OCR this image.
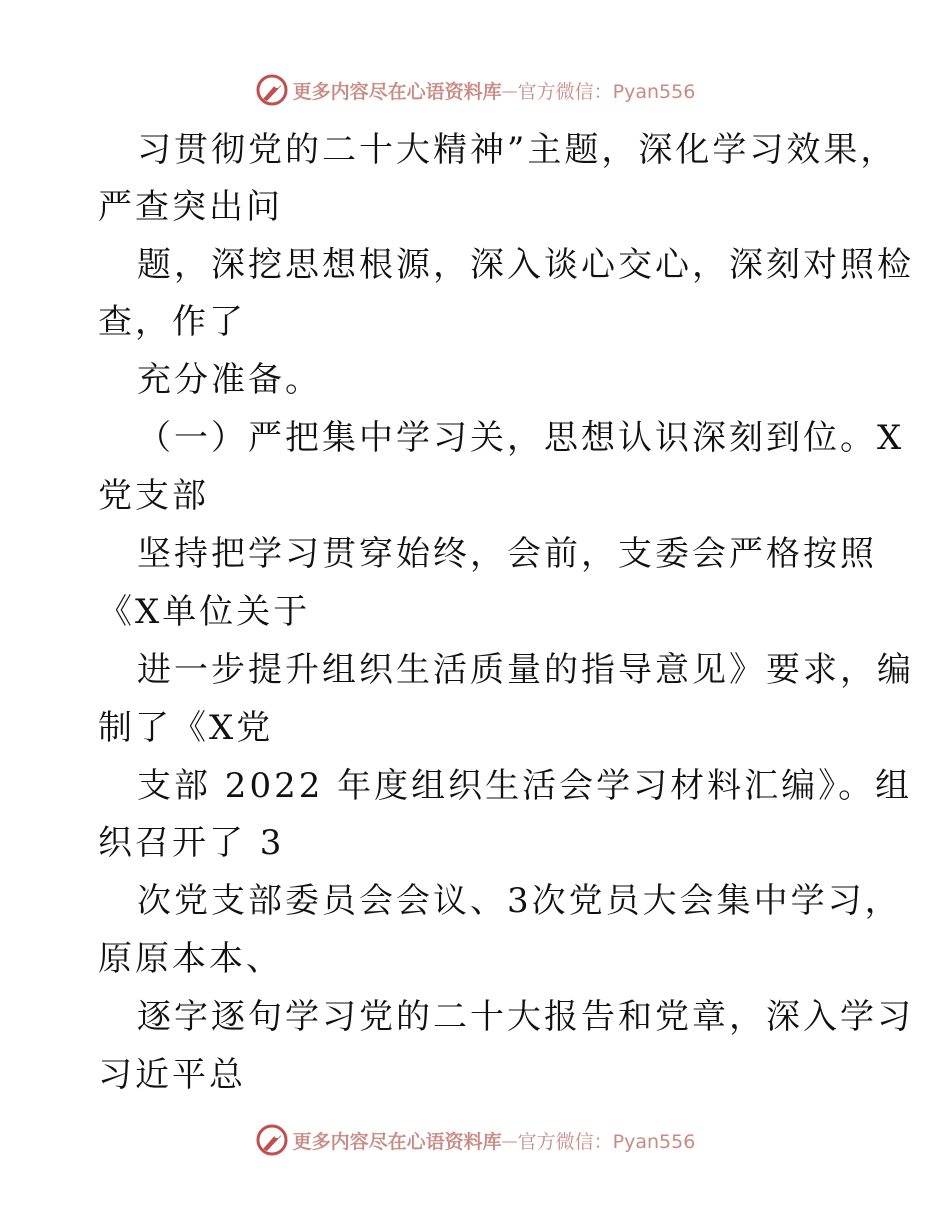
更多内容尽在心语资料库 — 官方微信：Pyan556
习贯彻党的二十大精神”主题，深化学习效果，
严查突出问
题，深挖思想根源，深入谈心交心，深刻对照检
查，作了
充分准备。
（一）严把集中学习关，思想认识深刻到位。X
党支部
坚持把学习贯穿始终，会前，支委会严格按照
《X单位关于
进一步提升组织生活质量的指导意见》要求，编
制了《X党
支部 2022 年度组织生活会学习材料汇编》。组
织召开了 3
次党支部委员会会议、3次党员大会集中学习，
原原本本、
逐字逐句学习党的二十大报告和党章，深入学习
习近平总
更多内容尽在心语资料库 — 官方微信：Pyan556
